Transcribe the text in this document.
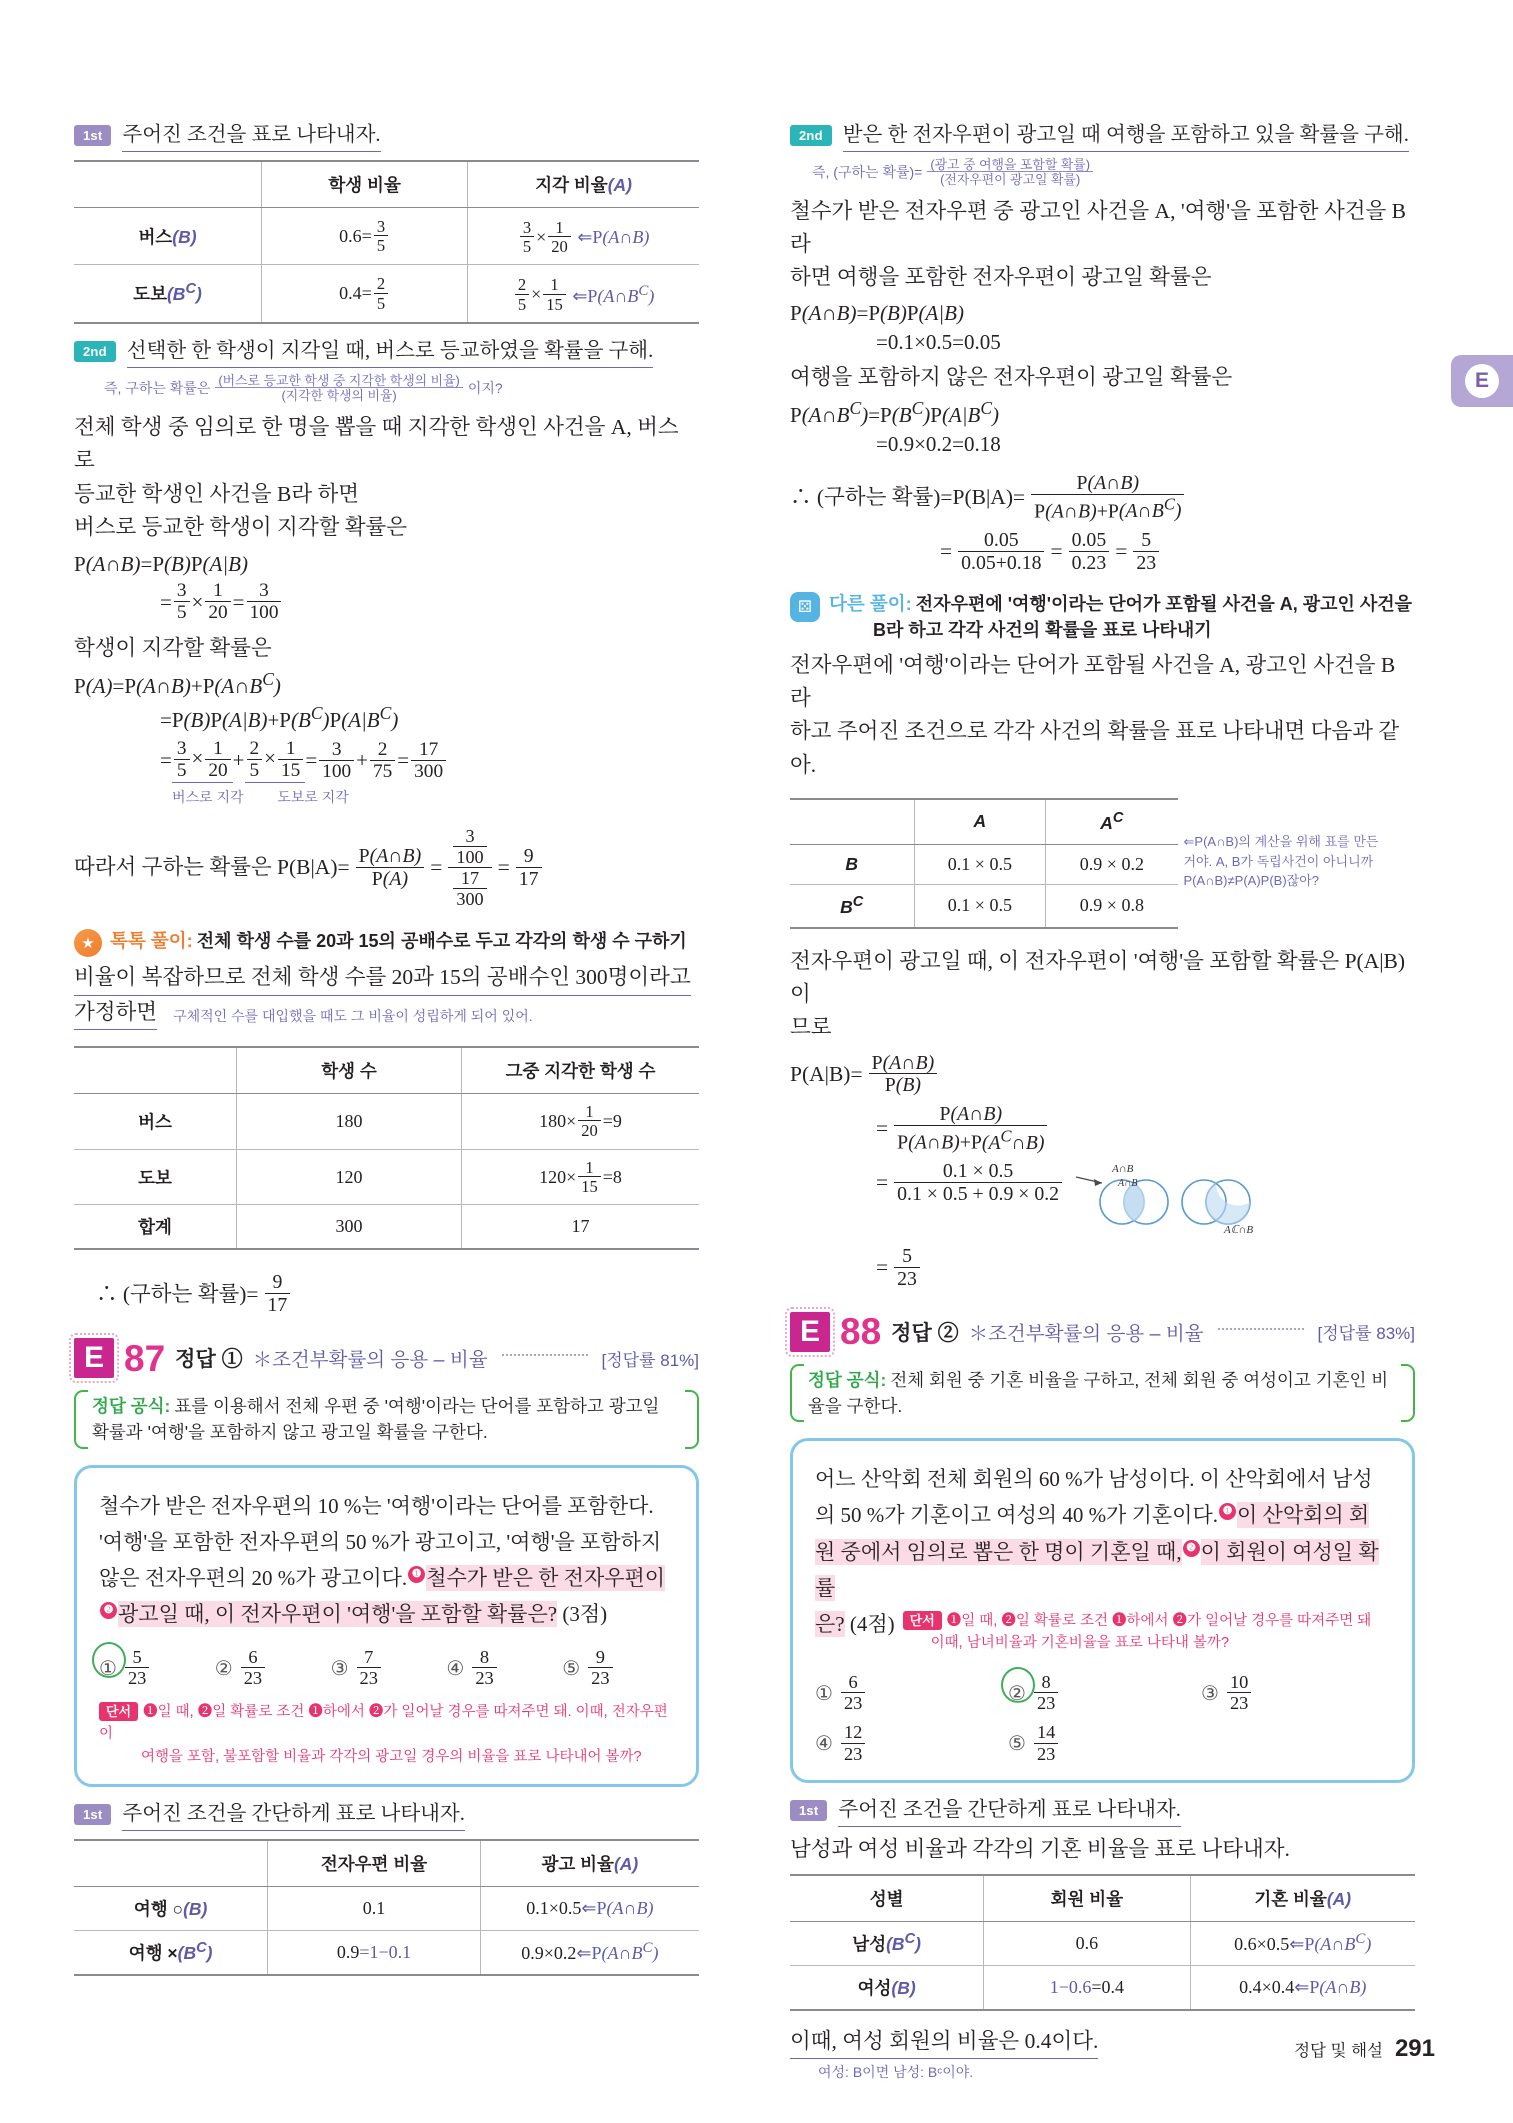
E
1st 주어진 조건을 표로 나타내자.
	학생 비율	지각 비율(A)
버스(B)	$0.6= \frac{3}{5}$	$\frac{3}{5} \times \frac{1}{20}$ ⇐P(A∩B)

도보$(B^C)$	$0.4= \frac{2}{5}$	$\frac{2}{5} \times \frac{1}{15}$ $⇐P(A\cap B^C)$
2nd 선택한 한 학생이 지각일 때, 버스로 등교하였을 확률을 구해.
즉, 구하는 확률은 $\frac{\text{(버스로 등교한 학생 중 지각한 학생의 비율)}}{\text{(지각한 학생의 비율)}}$ 이지?
전체 학생 중 임의로 한 명을 뽑을 때 지각한 학생인 사건을 A, 버스로
등교한 학생인 사건을 B라 하면
버스로 등교한 학생이 지각할 확률은
P(A∩B)=P(B)P(A|B)
= $\frac{3}{5} \times \frac{1}{20} = \frac{3}{100}$
학생이 지각할 확률은
$P(A)=P(A\cap B)+P(A\cap B^C)$
$=P(B)P(A|B)+P(B^C)P(A|B^C)$
= $\frac{3}{5} \times \frac{1}{20} + \frac{2}{5} \times \frac{1}{15} = \frac{3}{100} + \frac{2}{75} = \frac{17}{300}$
버스로 지각 도보로 지각
따라서 구하는 확률은 $P(B|A)= \frac{P(A\cap B)}{P(A)} = \frac{\frac{3}{100}}{\frac{17}{300}} = \frac{9}{17}$
★ 톡톡 풀이: 전체 학생 수를 20과 15의 공배수로 두고 각각의 학생 수 구하기
비율이 복잡하므로 전체 학생 수를 20과 15의 공배수인 300명이라고
가정하면 구체적인 수를 대입했을 때도 그 비율이 성립하게 되어 있어.
	학생 수	그중 지각한 학생 수
버스	180	$180\times \frac{1}{20} =9$
도보	120	$120\times \frac{1}{15} =8$
합계	300	17
∴ (구하는 확률)= $\frac{9}{17}$
E 87 정답 ① ＊조건부확률의 응용 – 비율	[정답률 81%]
정답 공식: 표를 이용해서 전체 우편 중 '여행'이라는 단어를 포함하고 광고일 확률과 '여행'을 포함하지 않고 광고일 확률을 구한다.
철수가 받은 전자우편의 10 %는 '여행'이라는 단어를 포함한다.
'여행'을 포함한 전자우편의 50 %가 광고이고, '여행'을 포함하지
않은 전자우편의 20 %가 광고이다. ❶ 철수가 받은 한 전자우편이
❷ 광고일 때, 이 전자우편이 '여행'을 포함할 확률은? (3점)
① $\frac{5}{23}$	② $\frac{6}{23}$	③ $\frac{7}{23}$	④ $\frac{8}{23}$	⑤ $\frac{9}{23}$
단서 ❶일 때, ❷일 확률로 조건 ❶하에서 ❷가 일어날 경우를 따져주면 돼. 이때, 전자우편이
여행을 포함, 불포함할 비율과 각각의 광고일 경우의 비율을 표로 나타내어 볼까?
1st 주어진 조건을 간단하게 표로 나타내자.
	전자우편 비율	광고 비율(A)
여행 ○(B)	0.1	0.1×0.5⇐P(A∩B)
여행 $\times(B^C)$	0.9=1−0.1	$0.9\times 0.2⇐P(A\cap B^C)$
2nd 받은 한 전자우편이 광고일 때 여행을 포함하고 있을 확률을 구해.
즉, (구하는 확률)= $\frac{\text{(광고 중 여행을 포함할 확률)}}{\text{(전자우편이 광고일 확률)}}$
철수가 받은 전자우편 중 광고인 사건을 A, '여행'을 포함한 사건을 B라
하면 여행을 포함한 전자우편이 광고일 확률은
P(A∩B)=P(B)P(A|B)
=0.1×0.5=0.05
여행을 포함하지 않은 전자우편이 광고일 확률은
$P(A\cap B^C)=P(B^C)P(A|B^C)$
=0.9×0.2=0.18
∴ (구하는 확률)$=P(B|A)= \frac{P(A\cap B)}{P(A\cap B)+P(A\cap B^C)}$
= $\frac{0.05}{0.05+0.18} = \frac{0.05}{0.23} = \frac{5}{23}$
⚄ 다른 풀이: 전자우편에 '여행'이라는 단어가 포함될 사건을 A, 광고인 사건을
B라 하고 각각 사건의 확률을 표로 나타내기
전자우편에 '여행'이라는 단어가 포함될 사건을 A, 광고인 사건을 B라
하고 주어진 조건으로 각각 사건의 확률을 표로 나타내면 다음과 같아.
	A	$A^C$
B	0.1 × 0.5	0.9 × 0.2
$B^C$	0.1 × 0.5	0.9 × 0.8
⇐P(A∩B)의 계산을 위해 표를 만든
거야. A, B가 독립사건이 아니니까
P(A∩B)≠P(A)P(B)잖아?
전자우편이 광고일 때, 이 전자우편이 '여행'을 포함할 확률은 P(A|B)이
므로
$P(A|B)= \frac{P(A\cap B)}{P(B)}$
= $\frac{P(A\cap B)}{P(A\cap B)+P(A^C\cap B)}$
= $\frac{0.1 \times 0.5}{0.1 \times 0.5 + 0.9 \times 0.2}$	A∩B
A∩B
Aℂ∩B
= $\frac{5}{23}$
E 88 정답 ② ＊조건부확률의 응용 – 비율	[정답률 83%]
정답 공식: 전체 회원 중 기혼 비율을 구하고, 전체 회원 중 여성이고 기혼인 비율을 구한다.
어느 산악회 전체 회원의 60 %가 남성이다. 이 산악회에서 남성
의 50 %가 기혼이고 여성의 40 %가 기혼이다. ❶ 이 산악회의 회
원 중에서 임의로 뽑은 한 명이 기혼일 때, ❷ 이 회원이 여성일 확률
은? (4점)	단서 ❶일 때, ❷일 확률로 조건 ❶하에서 ❷가 일어날 경우를 따져주면 돼
이때, 남녀비율과 기혼비율을 표로 나타내 볼까?
① $\frac{6}{23}$	② $\frac{8}{23}$	③ $\frac{10}{23}$
④ $\frac{12}{23}$	⑤ $\frac{14}{23}$
1st 주어진 조건을 간단하게 표로 나타내자.
남성과 여성 비율과 각각의 기혼 비율을 표로 나타내자.
성별	회원 비율	기혼 비율(A)
남성$(B^C)$	0.6	$0.6\times 0.5⇐P(A\cap B^C)$
여성(B)	1−0.6=0.4	0.4×0.4⇐P(A∩B)
이때, 여성 회원의 비율은 0.4이다.
여성: B이면 남성: Bᶜ이야.
정답 및 해설 291
